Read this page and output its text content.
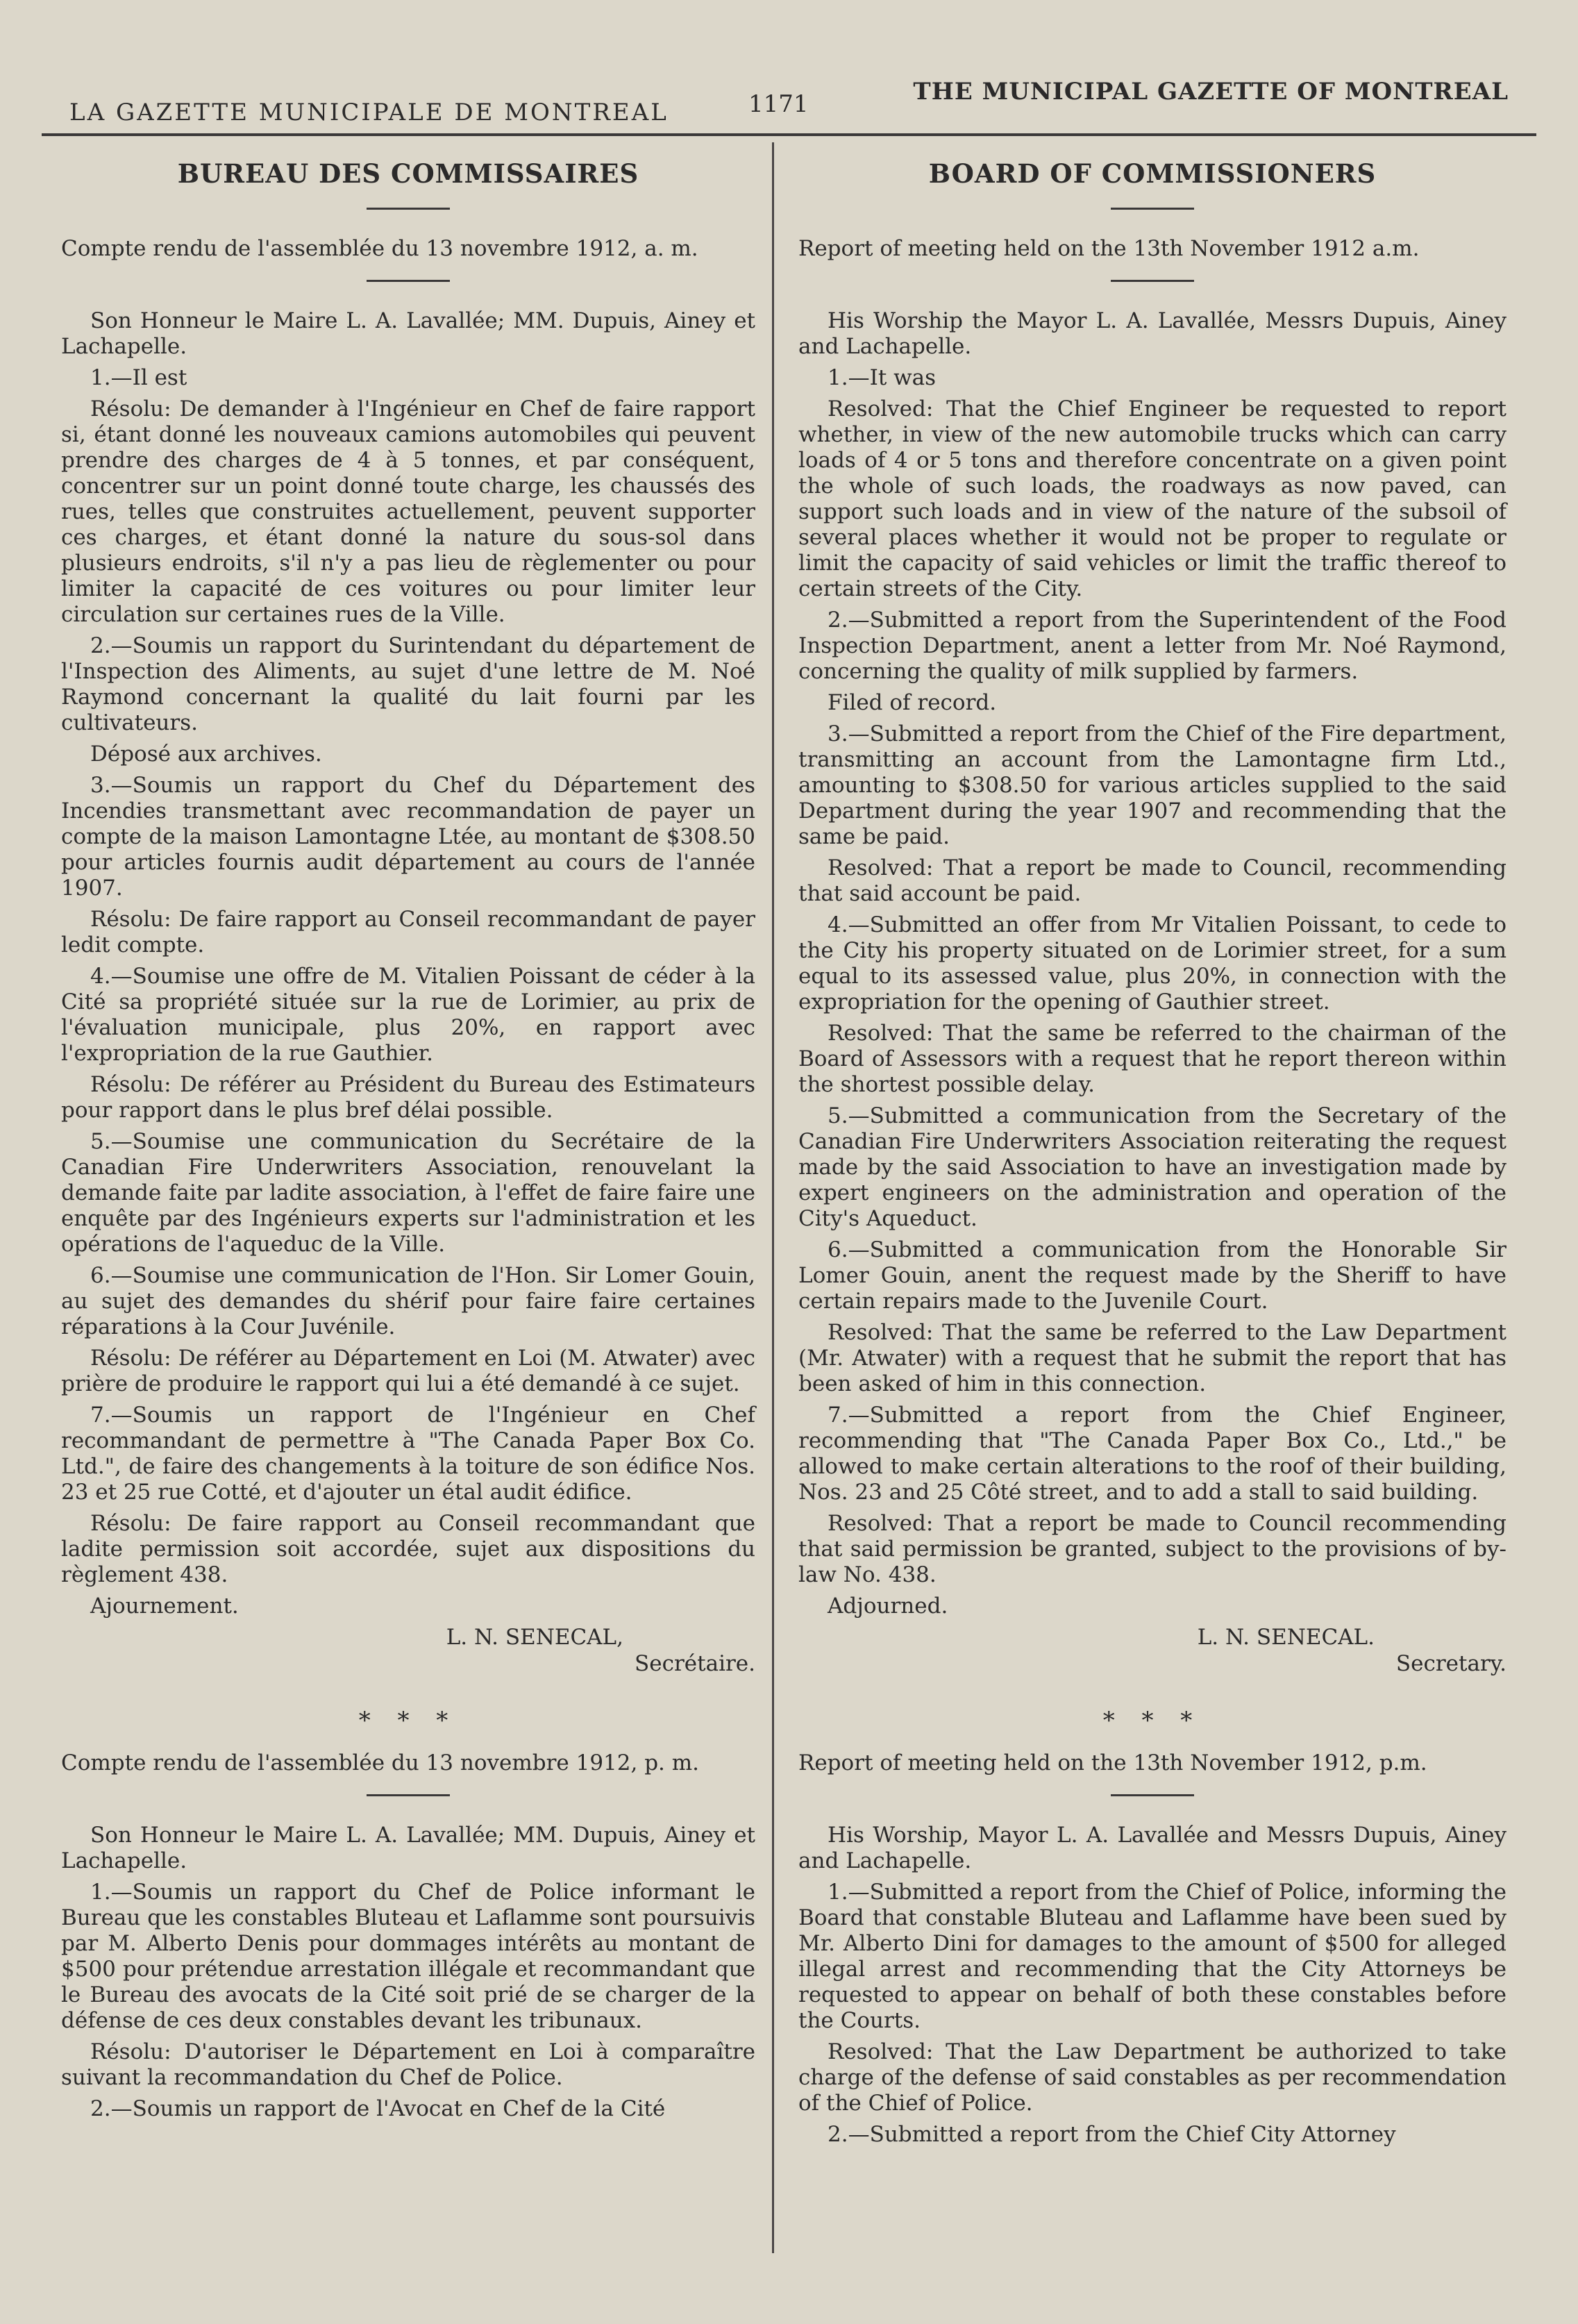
LA GAZETTE MUNICIPALE DE MONTREAL	1171	THE MUNICIPAL GAZETTE OF MONTREAL
BUREAU DES COMMISSAIRES

Compte rendu de l'assemblée du 13 novembre 1912, a. m.

Son Honneur le Maire L. A. Lavallée; MM. Dupuis, Ainey et Lachapelle.

1.—Il est

Résolu: De demander à l'Ingénieur en Chef de faire rapport si, étant donné les nouveaux camions automobiles qui peuvent prendre des charges de 4 à 5 tonnes, et par conséquent, concentrer sur un point donné toute charge, les chaussés des rues, telles que construites actuellement, peuvent supporter ces charges, et étant donné la nature du sous-sol dans plusieurs endroits, s'il n'y a pas lieu de règlementer ou pour limiter la capacité de ces voitures ou pour limiter leur circulation sur certaines rues de la Ville.

2.—Soumis un rapport du Surintendant du département de l'Inspection des Aliments, au sujet d'une lettre de M. Noé Raymond concernant la qualité du lait fourni par les cultivateurs.

Déposé aux archives.

3.—Soumis un rapport du Chef du Département des Incendies transmettant avec recommandation de payer un compte de la maison Lamontagne Ltée, au montant de $308.50 pour articles fournis audit département au cours de l'année 1907.

Résolu: De faire rapport au Conseil recommandant de payer ledit compte.

4.—Soumise une offre de M. Vitalien Poissant de céder à la Cité sa propriété située sur la rue de Lorimier, au prix de l'évaluation municipale, plus 20%, en rapport avec l'expropriation de la rue Gauthier.

Résolu: De référer au Président du Bureau des Estimateurs pour rapport dans le plus bref délai possible.

5.—Soumise une communication du Secrétaire de la Canadian Fire Underwriters Association, renouvelant la demande faite par ladite association, à l'effet de faire faire une enquête par des Ingénieurs experts sur l'administration et les opérations de l'aqueduc de la Ville.

6.—Soumise une communication de l'Hon. Sir Lomer Gouin, au sujet des demandes du shérif pour faire faire certaines réparations à la Cour Juvénile.

Résolu: De référer au Département en Loi (M. Atwater) avec prière de produire le rapport qui lui a été demandé à ce sujet.

7.—Soumis un rapport de l'Ingénieur en Chef recommandant de permettre à "The Canada Paper Box Co. Ltd.", de faire des changements à la toiture de son édifice Nos. 23 et 25 rue Cotté, et d'ajouter un étal audit édifice.

Résolu: De faire rapport au Conseil recommandant que ladite permission soit accordée, sujet aux dispositions du règlement 438.

Ajournement.

L. N. SENECAL,
Secrétaire.
* * *

Compte rendu de l'assemblée du 13 novembre 1912, p. m.

Son Honneur le Maire L. A. Lavallée; MM. Dupuis, Ainey et Lachapelle.

1.—Soumis un rapport du Chef de Police informant le Bureau que les constables Bluteau et Laflamme sont poursuivis par M. Alberto Denis pour dommages intérêts au montant de $500 pour prétendue arrestation illégale et recommandant que le Bureau des avocats de la Cité soit prié de se charger de la défense de ces deux constables devant les tribunaux.

Résolu: D'autoriser le Département en Loi à comparaître suivant la recommandation du Chef de Police.

2.—Soumis un rapport de l'Avocat en Chef de la Cité

BOARD OF COMMISSIONERS

Report of meeting held on the 13th November 1912 a.m.

His Worship the Mayor L. A. Lavallée, Messrs Dupuis, Ainey and Lachapelle.

1.—It was

Resolved: That the Chief Engineer be requested to report whether, in view of the new automobile trucks which can carry loads of 4 or 5 tons and therefore concentrate on a given point the whole of such loads, the roadways as now paved, can support such loads and in view of the nature of the subsoil of several places whether it would not be proper to regulate or limit the capacity of said vehicles or limit the traffic thereof to certain streets of the City.

2.—Submitted a report from the Superintendent of the Food Inspection Department, anent a letter from Mr. Noé Raymond, concerning the quality of milk supplied by farmers.

Filed of record.

3.—Submitted a report from the Chief of the Fire department, transmitting an account from the Lamontagne firm Ltd., amounting to $308.50 for various articles supplied to the said Department during the year 1907 and recommending that the same be paid.

Resolved: That a report be made to Council, recommending that said account be paid.

4.—Submitted an offer from Mr Vitalien Poissant, to cede to the City his property situated on de Lorimier street, for a sum equal to its assessed value, plus 20%, in connection with the expropriation for the opening of Gauthier street.

Resolved: That the same be referred to the chairman of the Board of Assessors with a request that he report thereon within the shortest possible delay.

5.—Submitted a communication from the Secretary of the Canadian Fire Underwriters Association reiterating the request made by the said Association to have an investigation made by expert engineers on the administration and operation of the City's Aqueduct.

6.—Submitted a communication from the Honorable Sir Lomer Gouin, anent the request made by the Sheriff to have certain repairs made to the Juvenile Court.

Resolved: That the same be referred to the Law Department (Mr. Atwater) with a request that he submit the report that has been asked of him in this connection.

7.—Submitted a report from the Chief Engineer, recommending that "The Canada Paper Box Co., Ltd.," be allowed to make certain alterations to the roof of their building, Nos. 23 and 25 Côté street, and to add a stall to said building.

Resolved: That a report be made to Council recommending that said permission be granted, subject to the provisions of by-law No. 438.

Adjourned.

L. N. SENECAL.
Secretary.
* * *

Report of meeting held on the 13th November 1912, p.m.

His Worship, Mayor L. A. Lavallée and Messrs Dupuis, Ainey and Lachapelle.

1.—Submitted a report from the Chief of Police, informing the Board that constable Bluteau and Laflamme have been sued by Mr. Alberto Dini for damages to the amount of $500 for alleged illegal arrest and recommending that the City Attorneys be requested to appear on behalf of both these constables before the Courts.

Resolved: That the Law Department be authorized to take charge of the defense of said constables as per recommendation of the Chief of Police.

2.—Submitted a report from the Chief City Attorney
